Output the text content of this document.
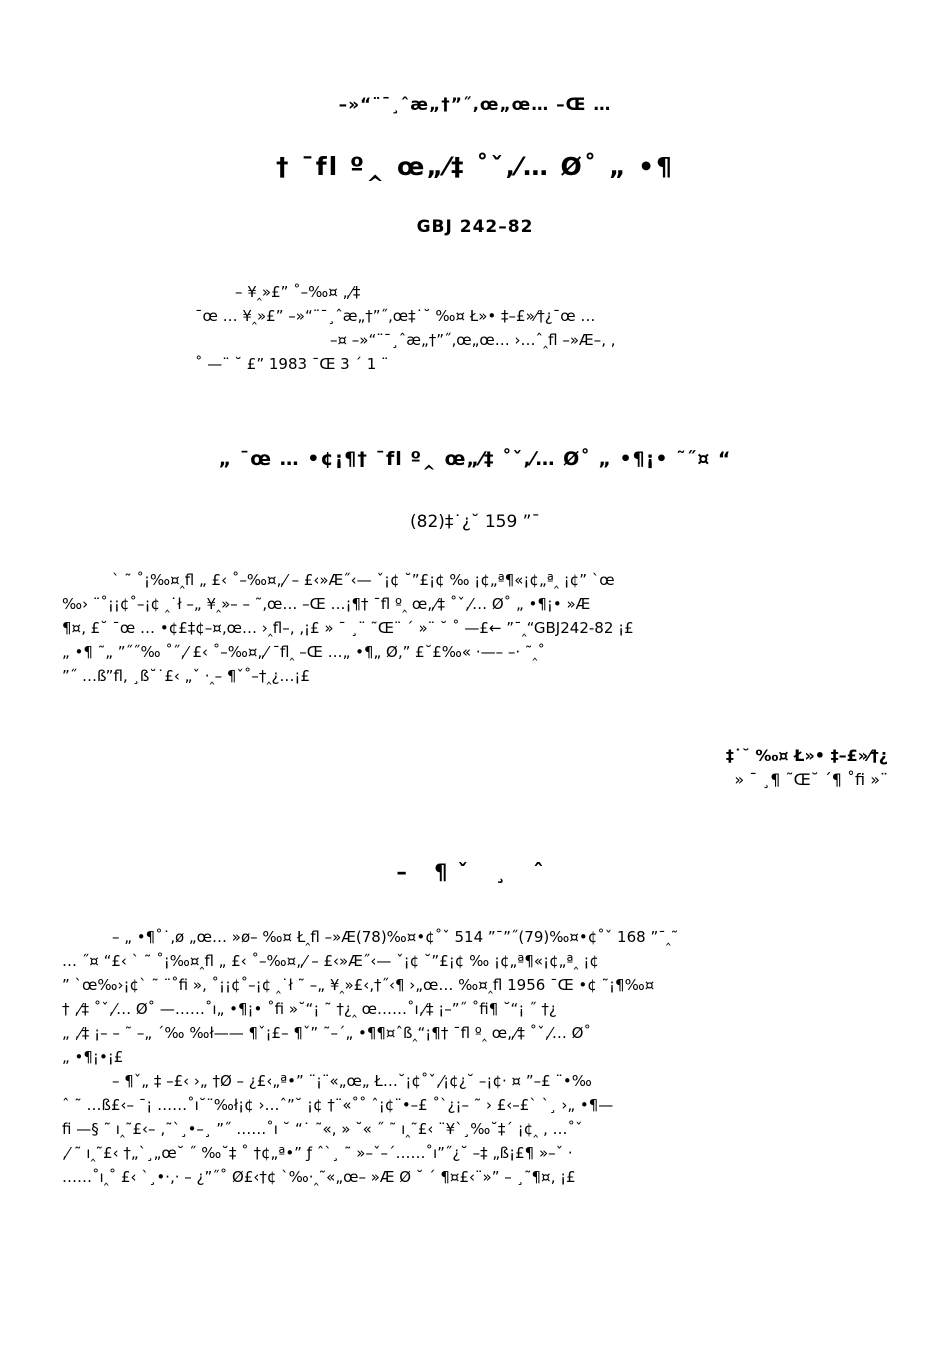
–»“¨¯¸ˆæ„†”˝‚œ„œ… –Œ …
† ¯fl º‸ œ„⁄‡ ˚ˇ‚⁄… Ø˚ „ •¶
GBJ 242–82
– ¥‸»£” ˚–‰¤ „⁄‡
¯œ … ¥‸»£” –»“¨¯¸ˆæ„†”˝‚œ‡˙˘ ‰¤ Ł»• ‡–£»⁄†¿¯œ …
–¤ –»“¨¯¸ˆæ„†”˝‚œ„œ… ›…ˆ‸fl –»Æ–‚ ‚
˚ —¨ ˘ £” 1983 ¯Œ 3 ´ 1 ¨
„ ¯œ … •¢¡¶† ¯fl º‸ œ„⁄‡ ˚ˇ‚⁄… Ø˚ „ •¶¡• ˜˝¤ “
(82)‡˙¿˘ 159 ”¯
` ˜ ˚¡‰¤‸fl „ £‹ ˚–‰¤„⁄ – £‹»Æ˝‹— ˇ¡¢ ˘”£¡¢ ‰ ¡¢„ª¶«¡¢„ª‸ ¡¢” `œ
‰› ¨˚¡¡¢˚–¡¢ ‸˙ł –„ ¥‸»– – ˜‚œ… –Œ …¡¶† ¯fl º‸ œ„⁄‡ ˚ˇ‚⁄… Ø˚ „ •¶¡• »Æ
¶¤‚ £˘ ¯œ … •¢£‡¢–¤‚œ… ›‸fl–‚ ‚¡£ » ¯ ¸¨ ˜Œ¨ ´ »¨ ˘ ˚ —£← ”¯‸“GBJ242-82 ¡£
„ •¶ ˜„ ”˝˝‰ ˚˝‚⁄ £‹ ˚–‰¤„⁄ ¯fl‸ –Œ …„ •¶„ Ø‚” £˘£‰« ·—– –· ˜‸˚
”˝ …ß”fl‚ ¸ß˘˙£‹ „ˇ ·‸– ¶ˇ˚–†‸¿…¡£
‡˙˘ ‰¤ Ł»• ‡–£»⁄†¿
» ¯ ¸¶ ˜Œ˘ ´¶ ˚fi »¨
– ¶ˇ ¸ ˆ
– „ •¶˚˙‚ø „œ… »ø– ‰¤ Ł‸fl –»Æ(78)‰¤•¢˚ˇ 514 ”¯”˝(79)‰¤•¢˚ˇ 168 ”¯‸˜
… ˝¤ “£‹ ` ˜ ˚¡‰¤‸fl „ £‹ ˚–‰¤„⁄ – £‹»Æ˝‹— ˇ¡¢ ˘”£¡¢ ‰ ¡¢„ª¶«¡¢„ª‸ ¡¢
” `œ‰›¡¢` ˜ ¨˚fi »‚ ˚¡¡¢˚–¡¢ ‸˙ł ˜ –„ ¥‸»£‹‚†˝‹¶ ›„œ… ‰¤‸fl 1956 ¯Œ •¢ ˜¡¶‰¤
† ‚⁄‡ ˚ˇ‚⁄… Ø˚ —……˚ı„ •¶¡• ˚fi »˘“¡ ˜ †¿‸ œ……˚ı‚⁄‡ ¡–”˝ ˚fi¶ ˘“¡ ˝ †¿
„ ‚⁄‡ ¡– – ˜ –„ ´‰ ‰ł—— ¶ˇ¡£– ¶ˇ” ˜–´„ •¶¶¤ˆß‸“¡¶† ¯fl º‸ œ„⁄‡ ˚ˇ‚⁄… Ø˚
„ •¶¡•¡£
– ¶ˇ„ ‡ –£‹ ›„ †Ø – ¿£‹„ª•” ¨¡¨«„œ„ Ł…˘¡¢˚ˇ‚⁄¡¢¿˘ –¡¢· ¤ ”–£ ¨•‰
ˆ ˜ …ß£‹– ¯¡ ……˚ı˘¨‰ł¡¢ ›…ˆ”˘ ¡¢ †¨«˚˚ ˆ¡¢¨•–£ ˚`¿¡– ˜ › £‹–£` `¸ ›„ •¶—
fi —§ ˜ ı‸˜£‹– ‚˜`¸•–¸ ”˝ ……˚ı ˘ “˙ ˜«‚ » ˘« ˝ ˜ ı‸˜£‹ ¨¥`¸‰˘‡´ ¡¢‸ ‚ …˚ˇ
‚⁄ ˜ ı‸˜£‹ †„`¸„œ˘ ˝ ‰˘‡ ˚ †¢„ª•” ƒ ˆ`¸ ˜ »–ˇ–´……˚ı”˝¿˘ –‡ „ß¡£¶ »–ˇ ·
……˚ı‸˚ £‹ `¸•·‚· – ¿”˝˚ Ø£‹†¢ `‰·‸˜«„œ– »Æ Ø ˘ ´ ¶¤£‹¨»” – ¸˜¶¤‚ ¡£
